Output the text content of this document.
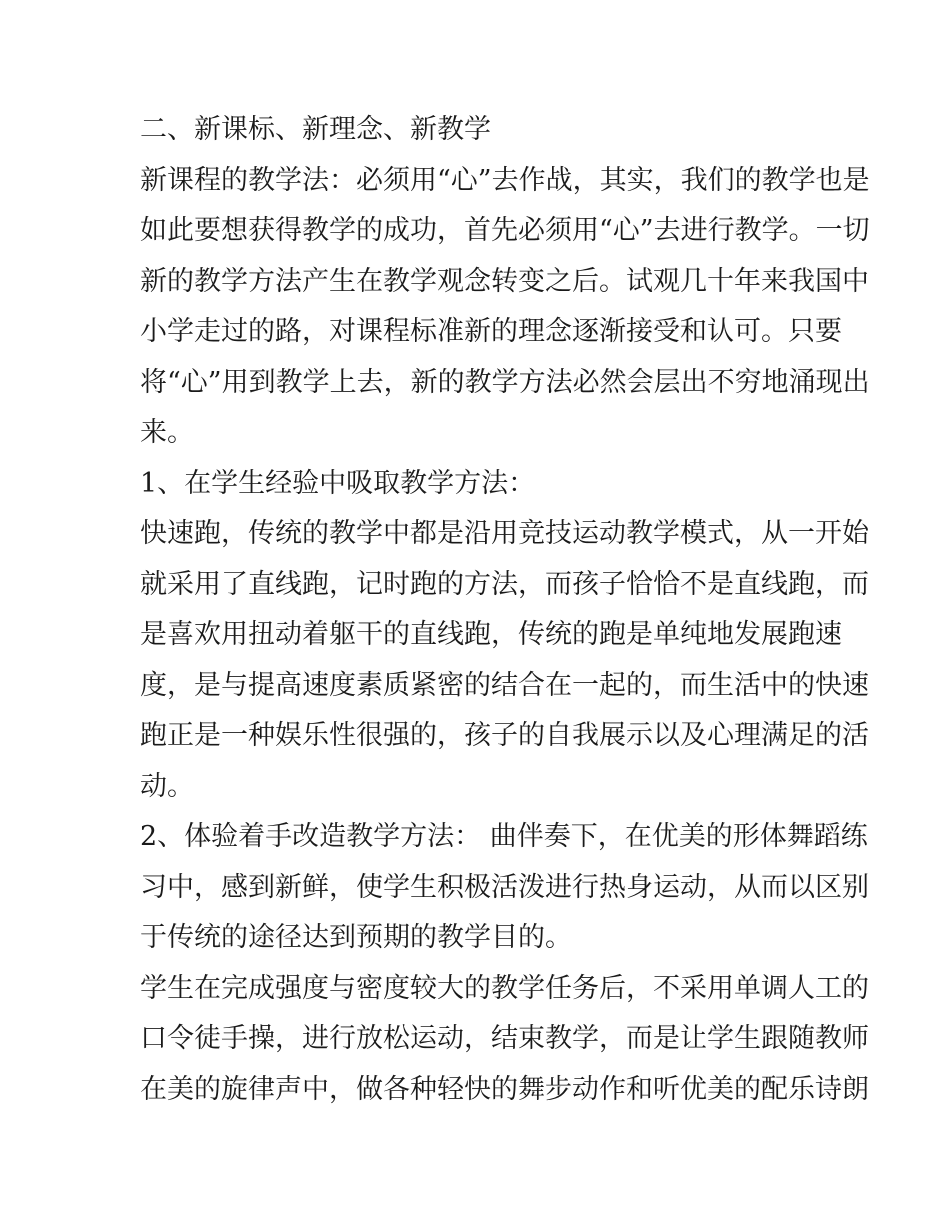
二、新课标、新理念、新教学
新课程的教学法：必须用“心”去作战，其实，我们的教学也是
如此要想获得教学的成功，首先必须用“心”去进行教学。一切
新的教学方法产生在教学观念转变之后。试观几十年来我国中
小学走过的路，对课程标准新的理念逐渐接受和认可。只要
将“心”用到教学上去，新的教学方法必然会层出不穷地涌现出
来。
1、在学生经验中吸取教学方法：
快速跑，传统的教学中都是沿用竞技运动教学模式，从一开始
就采用了直线跑，记时跑的方法，而孩子恰恰不是直线跑，而
是喜欢用扭动着躯干的直线跑，传统的跑是单纯地发展跑速
度，是与提高速度素质紧密的结合在一起的，而生活中的快速
跑正是一种娱乐性很强的，孩子的自我展示以及心理满足的活
动。
2、体验着手改造教学方法： 曲伴奏下，在优美的形体舞蹈练
习中，感到新鲜，使学生积极活泼进行热身运动，从而以区别
于传统的途径达到预期的教学目的。
学生在完成强度与密度较大的教学任务后，不采用单调人工的
口令徒手操，进行放松运动，结束教学，而是让学生跟随教师
在美的旋律声中，做各种轻快的舞步动作和听优美的配乐诗朗
